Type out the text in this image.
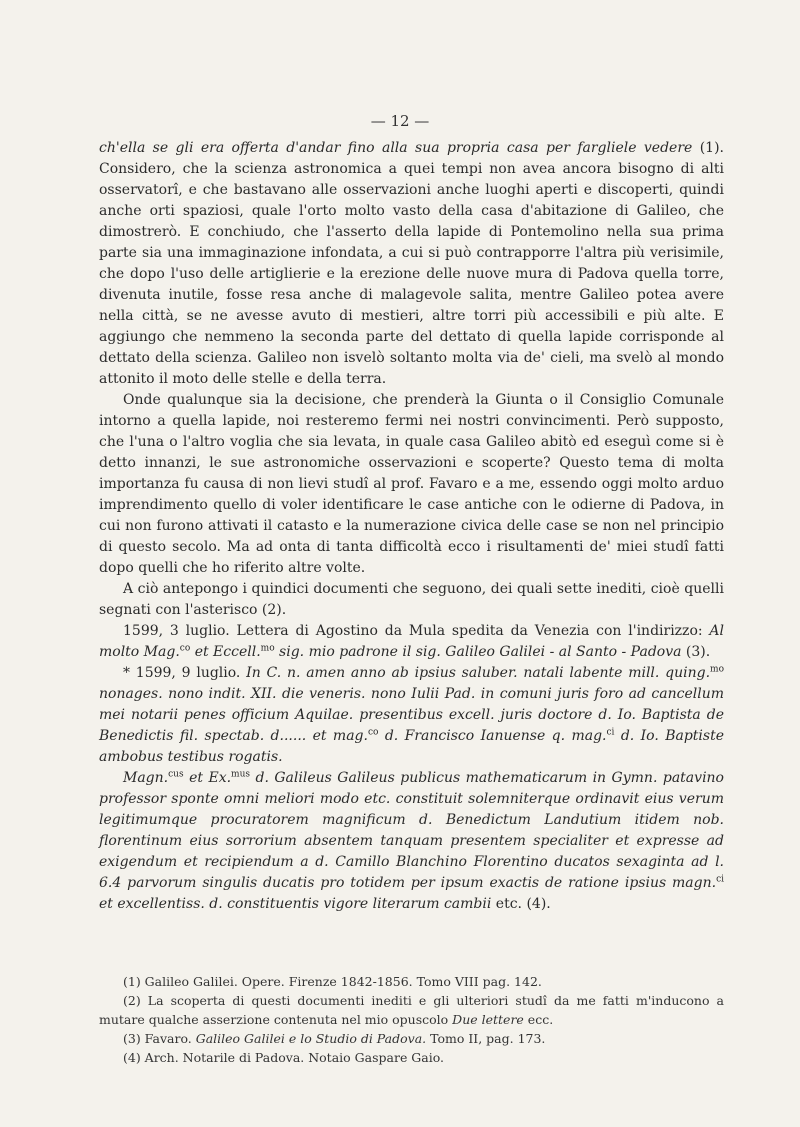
— 12 —

ch'ella se gli era offerta d'andar fino alla sua propria casa per fargliele vedere (1). Considero, che la scienza astronomica a quei tempi non avea ancora bisogno di alti osservatorî, e che bastavano alle osservazioni anche luoghi aperti e discoperti, quindi anche orti spaziosi, quale l'orto molto vasto della casa d'abitazione di Galileo, che dimostrerò. E conchiudo, che l'asserto della lapide di Pontemolino nella sua prima parte sia una immaginazione infondata, a cui si può contrapporre l'altra più verisimile, che dopo l'uso delle artiglierie e la erezione delle nuove mura di Padova quella torre, divenuta inutile, fosse resa anche di malagevole salita, mentre Galileo potea avere nella città, se ne avesse avuto di mestieri, altre torri più accessibili e più alte. E aggiungo che nemmeno la seconda parte del dettato di quella lapide corrisponde al dettato della scienza. Galileo non isvelò soltanto molta via de' cieli, ma svelò al mondo attonito il moto delle stelle e della terra.

Onde qualunque sia la decisione, che prenderà la Giunta o il Consiglio Comunale intorno a quella lapide, noi resteremo fermi nei nostri convincimenti. Però supposto, che l'una o l'altro voglia che sia levata, in quale casa Galileo abitò ed eseguì come si è detto innanzi, le sue astronomiche osservazioni e scoperte? Questo tema di molta importanza fu causa di non lievi studî al prof. Favaro e a me, essendo oggi molto arduo imprendimento quello di voler identificare le case antiche con le odierne di Padova, in cui non furono attivati il catasto e la numerazione civica delle case se non nel principio di questo secolo. Ma ad onta di tanta difficoltà ecco i risultamenti de' miei studî fatti dopo quelli che ho riferito altre volte.

A ciò antepongo i quindici documenti che seguono, dei quali sette inediti, cioè quelli segnati con l'asterisco (2).

1599, 3 luglio. Lettera di Agostino da Mula spedita da Venezia con l'indirizzo: Al molto Mag.$^{co}$ et Eccell.$^{mo}$ sig. mio padrone il sig. Galileo Galilei - al Santo - Padova (3).

* 1599, 9 luglio. In C. n. amen anno ab ipsius saluber. natali labente mill. quing.$^{mo}$ nonages. nono indit. XII. die veneris. nono Iulii Pad. in comuni juris foro ad cancellum mei notarii penes officium Aquilae. presentibus excell. juris doctore d. Io. Baptista de Benedictis fil. spectab. d...... et mag.$^{co}$ d. Francisco Ianuense q. mag.$^{ci}$ d. Io. Baptiste ambobus testibus rogatis.

Magn.$^{cus}$ et Ex.$^{mus}$ d. Galileus Galileus publicus mathematicarum in Gymn. patavino professor sponte omni meliori modo etc. constituit solemniterque ordinavit eius verum legitimumque procuratorem magnificum d. Benedictum Landutium itidem nob. florentinum eius sorrorium absentem tanquam presentem specialiter et expresse ad exigendum et recipiendum a d. Camillo Blanchino Florentino ducatos sexaginta ad l. 6.4 parvorum singulis ducatis pro totidem per ipsum exactis de ratione ipsius magn.$^{ci}$ et excellentiss. d. constituentis vigore literarum cambii etc. (4).

(1) Galileo Galilei. Opere. Firenze 1842-1856. Tomo VIII pag. 142.

(2) La scoperta di questi documenti inediti e gli ulteriori studî da me fatti m'inducono a mutare qualche asserzione contenuta nel mio opuscolo Due lettere ecc.

(3) Favaro. Galileo Galilei e lo Studio di Padova. Tomo II, pag. 173.

(4) Arch. Notarile di Padova. Notaio Gaspare Gaio.
